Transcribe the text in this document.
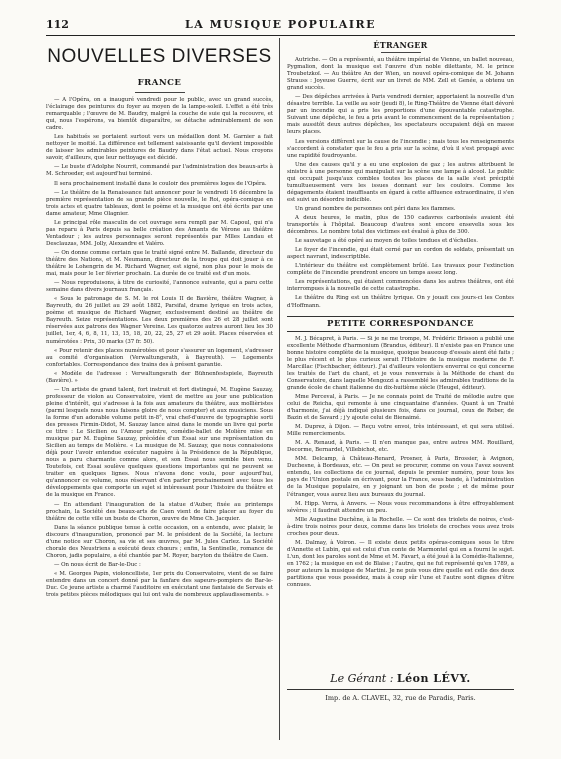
112	LA MUSIQUE POPULAIRE
NOUVELLES DIVERSES
FRANCE

— A l'Opéra, on a inauguré vendredi pour le public, avec un grand succès, l'éclairage des peintures du foyer au moyen de la lampe-soleil. L'effet a été très remarquable ; l'œuvre de M. Baudry, malgré la couche de suie qui la recouvre, et qui, nous l'espérons, va bientôt disparaître, se détache admirablement de son cadre.

Les habitués se portaient surtout vers un médaillon dont M. Garnier a fait nettoyer le moitié. La différence est tellement saisissante qu'il devient impossible de laisser les admirables peintures de Baudry dans l'état actuel. Nous croyons savoir, d'ailleurs, que leur nettoyage est décidé.

— Le buste d'Adolphe Nourrit, commandé par l'administration des beaux-arts à M. Schroeder, est aujourd'hui terminé.

Il sera prochainement installé dans le couloir des premières loges de l'Opéra.

— Le théâtre de la Renaissance fait annoncer pour le vendredi 16 décembre la première représentation de sa grande pièce nouvelle, le Roi, opéra-comique en trois actes et quatre tableaux, dont le poème et la musique ont été écrits par une dame amateur, Mme Olagnier.

Le principal rôle masculin de cet ouvrage sera rempli par M. Capoul, qui n'a pas reparu à Paris depuis sa belle création des Amants de Vérone au théâtre Ventadour ; les autres personnages seront représentés par Mlles Landau et Desclauzas, MM. Jolly, Alexandre et Valéro.

— On donne comme certain que le traité signé entre M. Ballande, directeur du théâtre des Nations, et M. Neumann, directeur de la troupe qui doit jouer à ce théâtre le Lohengrin de M. Richard Wagner, est signé, non plus pour le mois de mai, mais pour le 1er février prochain. La durée de ce traité est d'un mois.

— Nous reproduisons, à titre de curiosité, l'annonce suivante, qui a paru cette semaine dans divers journaux français.

« Sous le patronage de S. M. le roi Louis II de Bavière, théâtre Wagner, à Bayreuth, du 26 juillet au 29 août 1882, Parsifal, drame lyrique en trois actes, poème et musique de Richard Wagner, exclusivement destiné au théâtre de Bayreuth. Seize représentations. Les deux premières des 26 et 28 juillet sont réservées aux patrons des Wagner Vereine. Les quatorze autres auront lieu les 30 juillet, 1er, 4, 6, 8, 11, 13, 15, 18, 20, 22, 25, 27 et 29 août. Places réservées et numérotées : Prix, 30 marks (37 fr. 50).

« Pour retenir des places numérotées et pour s'assurer un logement, s'adresser au comité d'organisation (Verwaltungsrath, à Bayreuth). — Logements confortables. Correspondance des trains des à présent garantie.

« Modèle de l'adresse : Verwaltungsrath der Bühnenfestspiele, Bayreuth (Bavière). »

— Un artiste de grand talent, fort instruit et fort distingué, M. Eugène Sauzay, professeur de violon au Conservatoire, vient de mettre au jour une publication pleine d'intérêt, qui s'adresse à la fois aux amateurs du théâtre, aux mollièristes (parmi lesquels nous nous faisons gloire de nous compter) et aux musiciens. Sous la forme d'un adorable volume petit in-8°, vrai chef-d'œuvre de typographie sorti des presses Firmin-Didot, M. Sauzay lance ainsi dans le monde un livre qui porte ce titre : Le Sicilien ou l'Amour peintre, comédie-ballet de Molière mise en musique par M. Eugène Sauzay, précédée d'un Essai sur une représentation du Sicilien au temps de Molière. « La musique de M. Sauzay, que nous connaissions déjà pour l'avoir entendue exécuter naguère à la Présidence de la République, nous a paru charmante comme alors, et son Essai nous semble bien venu. Toutefois, cet Essai soulève quelques questions importantes qui ne peuvent se traiter en quelques lignes. Nous n'avons donc voulu, pour aujourd'hui, qu'annoncer ce volume, nous réservant d'en parler prochainement avec tous les développements que comporte un sujet si intéressant pour l'histoire du théâtre et de la musique en France.

— En attendant l'inauguration de la statue d'Auber, fixée au printemps prochain, la Société des beaux-arts de Caen vient de faire placer au foyer du théâtre de cette ville un buste de Choron, œuvre de Mme Ch. Jacquier.

Dans la séance publique tenue à cette occasion, on a entendu, avec plaisir, le discours d'inauguration, prononcé par M. le président de la Société, la lecture d'une notice sur Choron, sa vie et ses œuvres, par M. Jules Carlez. La Société chorale des Neustriens a exécuté deux chœurs ; enfin, la Sentinelle, romance de Choron, jadis populaire, a été chantée par M. Royer, baryton du théâtre de Caen.

— On nous écrit de Bar-le-Duc :

« M. Georges Papin, violoncelliste, 1er prix du Conservatoire, vient de se faire entendre dans un concert donné par la fanfare des sapeurs-pompiers de Bar-le-Duc. Ce jeune artiste a charmé l'auditoire en exécutant une fantaisie de Servais et trois petites pièces mélodiques qui lui ont valu de nombreux applaudissements. »

ÉTRANGER

Autriche. — On a représenté, au théâtre impérial de Vienne, un ballet nouveau, Pygmalion, dont la musique est l'œuvre d'un noble dilettante, M. le prince Troubetzkoï. — Au théâtre An der Wien, un nouvel opéra-comique de M. Johann Strauss : Joyeuse Guerre, écrit sur un livret de MM. Zell et Genée, a obtenu un grand succès.

— Des dépêches arrivées à Paris vendredi dernier, apportaient la nouvelle d'un désastre terrible. La veille au soir (jeudi 8), le Ring-Théâtre de Vienne était dévoré par un incendie qui a pris les proportions d'une épouvantable catastrophe. Suivant une dépêche, le feu a pris avant le commencement de la représentation ; mais aussitôt deux autres dépêches, les spectateurs occupaient déjà en masse leurs places.

Les versions diffèrent sur la cause de l'incendie ; mais tous les renseignements s'accordent à constater que le feu a pris sur la scène, d'où il s'est propagé avec une rapidité foudroyante.

Une des causes qu'il y a eu une explosion de gaz ; les autres attribuent le sinistre à une personne qui manipulait sur la scène une lampe à alcool. Le public qui occupait jusqu'aux combles toutes les places de la salle s'est précipité tumultueusement vers les issues donnant sur les couloirs. Comme les dégagements étaient insuffisants en égard à cette affluence extraordinaire, il s'en est suivi un désordre indicible.

Un grand nombre de personnes ont péri dans les flammes.

A deux heures, le matin, plus de 150 cadavres carbonisés avaient été transportés à l'hôpital. Beaucoup d'autres sont encore ensevelis sous les décombres. Le nombre total des victimes est évalué à plus de 300.

Le sauvetage a été opéré au moyen de toiles tendues et d'échelles.

Le foyer de l'incendie, qui était cerné par un cordon de soldats, présentait un aspect navrant, indescriptible.

L'intérieur du théâtre est complètement brûlé. Les travaux pour l'extinction complète de l'incendie prendront encore un temps assez long.

Les représentations, qui étaient commencées dans les autres théâtres, ont été interrompues à la nouvelle de cette catastrophe.

Le théâtre du Ring est un théâtre lyrique. On y jouait ces jours-ci les Contes d'Hoffmann.

PETITE CORRESPONDANCE

M. J. Bécapret, à Paris. — Si je ne me trompe, M. Frédéric Brisson a publié une excellente Méthode d'harmonium (Brandus, éditeur). Il n'existe pas en France une bonne histoire complète de la musique, quoique beaucoup d'essais aient été faits ; le plus récent et le plus curieux serait l'Histoire de la musique moderne de F. Marcillac (Fischbacher, éditeur). J'ai d'ailleurs volontiers enverrai ce qui concerne les traités de l'art du chant, et je vous renverrais à la Méthode de chant du Conservatoire, dans laquelle Mengozzi a rassemblé les admirables traditions de la grande école de chant italienne du dix-huitième siècle (Heugel, éditeur).

Mme Perceval, à Paris. — Je ne connais point de Traité de mélodie autre que celui de Reicha, qui remonte à une cinquantaine d'années. Quant à un Traité d'harmonie, j'ai déjà indiqué plusieurs fois, dans ce journal, ceux de Reber, de Bazin et de Savard ; j'y ajoute celui de Bienaimé.

M. Duprez, à Dijon. — Reçu votre envoi, très intéressant, et qui sera utilisé. Mille remerciements.

M. A. Renaud, à Paris. — Il n'en manque pas, entre autres MM. Rouillard, Decorme, Bernardel, Villebichot, etc.

MM. Delcamp, à Château-Renard, Prosner, à Paris, Brossier, à Avignon, Duchesne, à Bordeaux, etc. — On peut se procurer, comme on vous l'avez souvent entendu, les collections de ce journal, depuis le premier numéro, pour tous les pays de l'Union postale en écrivant, pour la France, sous bande, à l'administration de la Musique populaire, en y joignant un bon de poste ; et de même pour l'étranger, vous aurez lieu aux bureaux du journal.

M. Hipp. Verra, à Anvers. — Nous vous recommandons à être effroyablement sévères ; il faudrait attendre un peu.

Mlle Augustine Duchêne, à la Rochelle. — Ce sont des triolets de noires, c'est-à-dire trois noires pour deux, comme dans les triolets de croches vous avez trois croches pour deux.

M. Dalmay, à Voiron. — Il existe deux petits opéras-comiques sous le titre d'Annette et Lubin, qui est celui d'un conte de Marmontel qui en a fourni le sujet. L'un, dont les paroles sont de Mme et M. Favart, a été joué à la Comédie-Italienne, en 1762 ; la musique en est de Blaise ; l'autre, qui ne fut représenté qu'en 1789, a pour auteurs la musique de Martini. Je ne puis vous dire quelle est celle des deux partitions que vous possédez, mais à coup sûr l'une et l'autre sont dignes d'être connues.

Le Gérant : Léon LÉVY.
Imp. de A. CLAVEL, 32, rue de Paradis, Paris.
